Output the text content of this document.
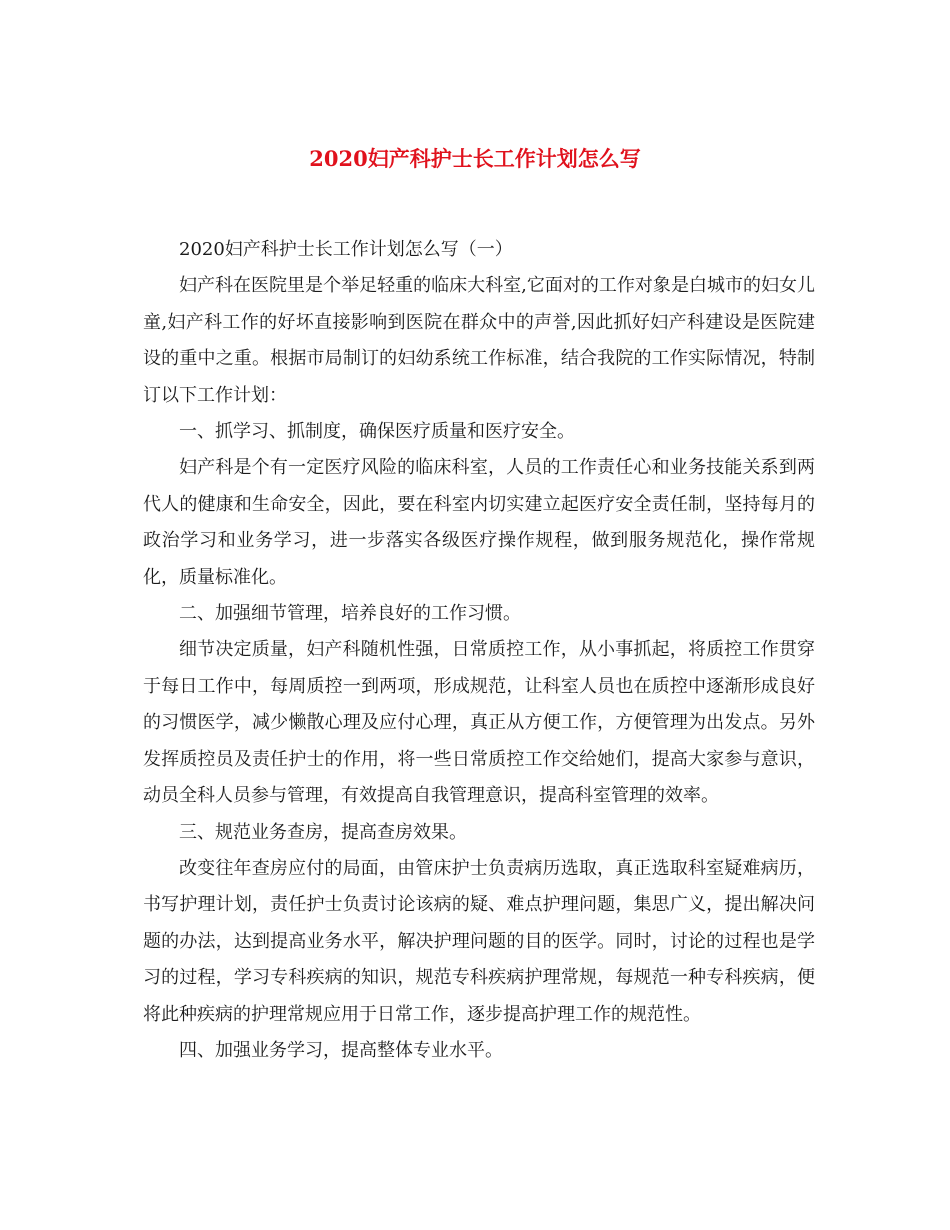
2020妇产科护士长工作计划怎么写

2020妇产科护士长工作计划怎么写（一）

妇产科在医院里是个举足轻重的临床大科室,它面对的工作对象是白城市的妇女儿童,妇产科工作的好坏直接影响到医院在群众中的声誉,因此抓好妇产科建设是医院建设的重中之重。根据市局制订的妇幼系统工作标准，结合我院的工作实际情况，特制订以下工作计划：

一、抓学习、抓制度，确保医疗质量和医疗安全。

妇产科是个有一定医疗风险的临床科室，人员的工作责任心和业务技能关系到两代人的健康和生命安全，因此，要在科室内切实建立起医疗安全责任制，坚持每月的政治学习和业务学习，进一步落实各级医疗操作规程，做到服务规范化，操作常规化，质量标准化。

二、加强细节管理，培养良好的工作习惯。

细节决定质量，妇产科随机性强，日常质控工作，从小事抓起，将质控工作贯穿于每日工作中，每周质控一到两项，形成规范，让科室人员也在质控中逐渐形成良好的习惯医学，减少懒散心理及应付心理，真正从方便工作，方便管理为出发点。另外发挥质控员及责任护士的作用，将一些日常质控工作交给她们，提高大家参与意识，动员全科人员参与管理，有效提高自我管理意识，提高科室管理的效率。

三、规范业务查房，提高查房效果。

改变往年查房应付的局面，由管床护士负责病历选取，真正选取科室疑难病历，书写护理计划，责任护士负责讨论该病的疑、难点护理问题，集思广义，提出解决问题的办法，达到提高业务水平，解决护理问题的目的医学。同时，讨论的过程也是学习的过程，学习专科疾病的知识，规范专科疾病护理常规，每规范一种专科疾病，便将此种疾病的护理常规应用于日常工作，逐步提高护理工作的规范性。

四、加强业务学习，提高整体专业水平。
